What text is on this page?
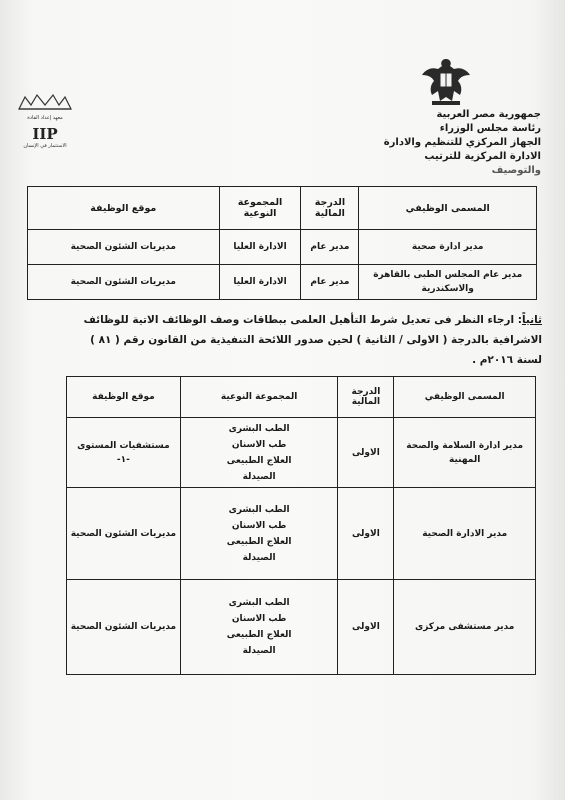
معهد إعداد القادة
IIP
الاستثمار في الإنسان
جمهورية مصر العربية
رئاسة مجلس الوزراء
الجهاز المركزي للتنظيم والادارة
الادارة المركزية للترتيب
والتوصيف
المسمى الوظيفي	الدرجة المالية	المجموعة النوعية	موقع الوظيفة
مدير ادارة صحية	مدير عام	الادارة العليا	مديريات الشئون الصحية
مدير عام المجلس الطبى بالقاهرة والاسكندرية	مدير عام	الادارة العليا	مديريات الشئون الصحية
ثانياً: ارجاء النظر فى تعديل شرط التأهيل العلمى ببطاقات وصف الوظائف الاتية للوظائف
الاشرافية بالدرجة ( الاولى / الثانية ) لحين صدور اللائحة التنفيذية من القانون رقم ( ٨١ )
لسنة ٢٠١٦م .
المسمى الوظيفي	الدرجة المالية	المجموعة النوعية	موقع الوظيفة
مدير ادارة السلامة والصحة المهنية	الاولى	الطب البشرى
طب الاسنان
العلاج الطبيعى
الصيدلة	مستشفيات المستوى -١-
مدير الادارة الصحية	الاولى	الطب البشرى
طب الاسنان
العلاج الطبيعى
الصيدلة	مديريات الشئون الصحية
مدير مستشفى مركزى	الاولى	الطب البشرى
طب الاسنان
العلاج الطبيعى
الصيدلة	مديريات الشئون الصحية
